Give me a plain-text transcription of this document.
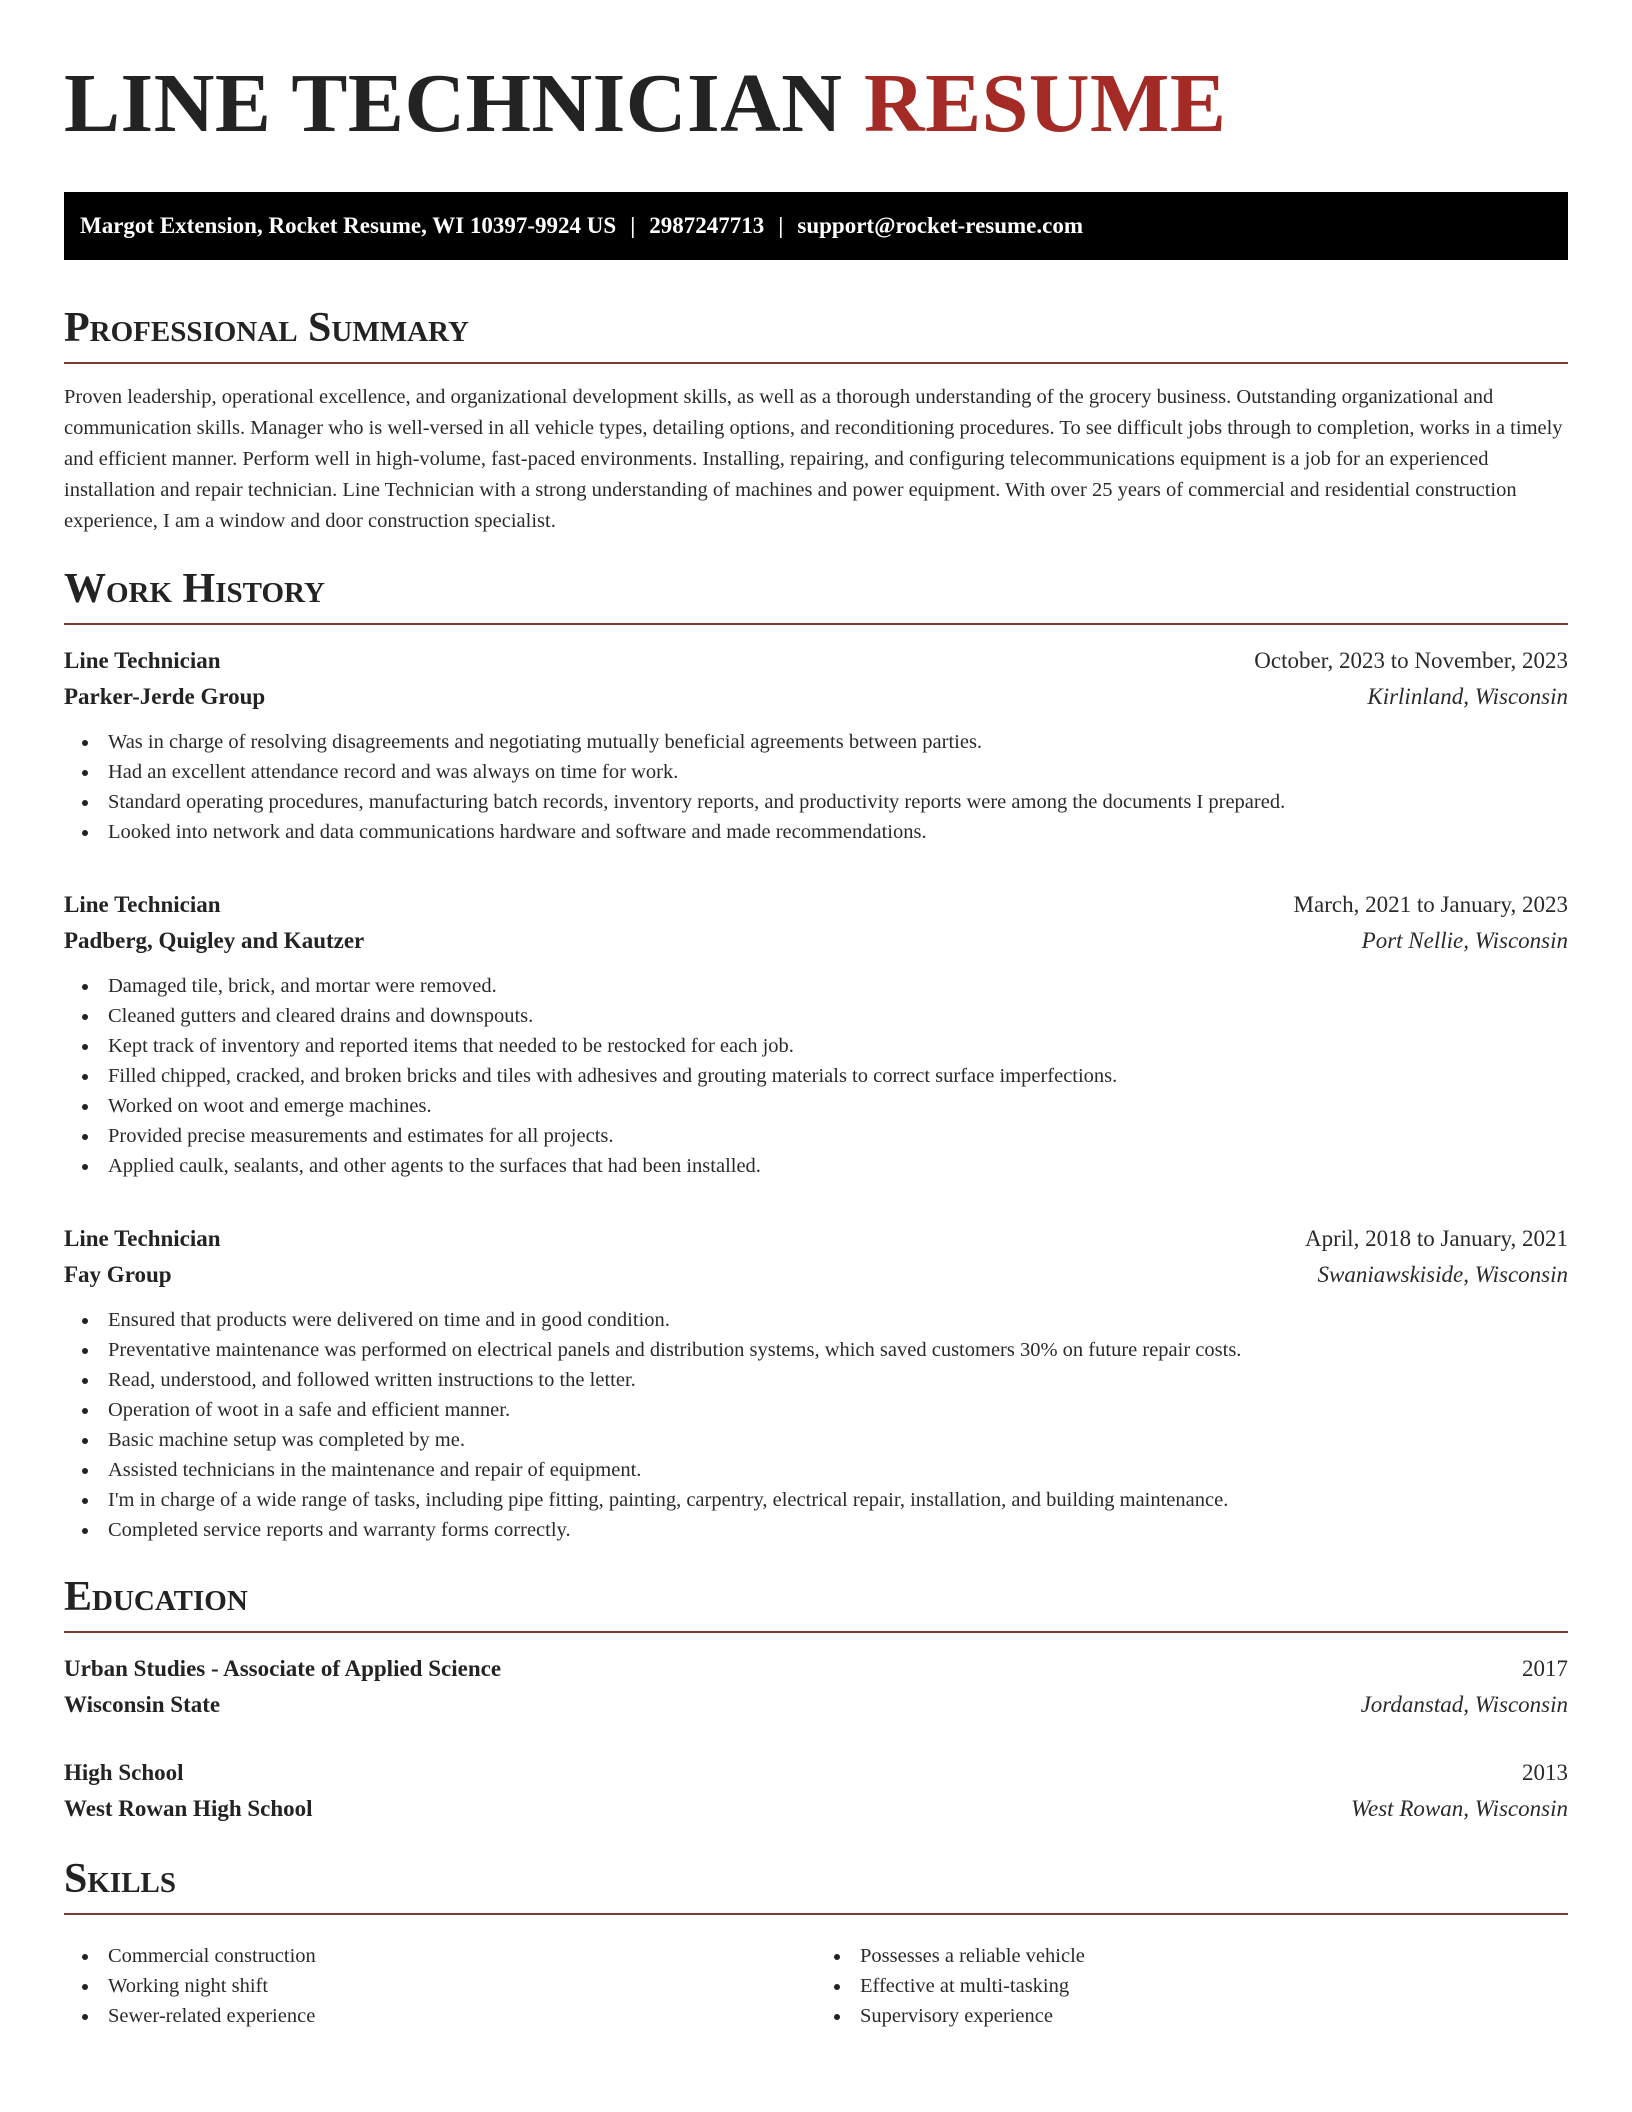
LINE TECHNICIAN RESUME
Margot Extension, Rocket Resume, WI 10397-9924 US | 2987247713 | support@rocket-resume.com
Professional Summary

Proven leadership, operational excellence, and organizational development skills, as well as a thorough understanding of the grocery business. Outstanding organizational and communication skills. Manager who is well-versed in all vehicle types, detailing options, and reconditioning procedures. To see difficult jobs through to completion, works in a timely and efficient manner. Perform well in high-volume, fast-paced environments. Installing, repairing, and configuring telecommunications equipment is a job for an experienced installation and repair technician. Line Technician with a strong understanding of machines and power equipment. With over 25 years of commercial and residential construction experience, I am a window and door construction specialist.

Work History
Line Technician	October, 2023 to November, 2023
Parker-Jerde Group	Kirlinland, Wisconsin
Was in charge of resolving disagreements and negotiating mutually beneficial agreements between parties.
Had an excellent attendance record and was always on time for work.
Standard operating procedures, manufacturing batch records, inventory reports, and productivity reports were among the documents I prepared.
Looked into network and data communications hardware and software and made recommendations.
Line Technician	March, 2021 to January, 2023
Padberg, Quigley and Kautzer	Port Nellie, Wisconsin
Damaged tile, brick, and mortar were removed.
Cleaned gutters and cleared drains and downspouts.
Kept track of inventory and reported items that needed to be restocked for each job.
Filled chipped, cracked, and broken bricks and tiles with adhesives and grouting materials to correct surface imperfections.
Worked on woot and emerge machines.
Provided precise measurements and estimates for all projects.
Applied caulk, sealants, and other agents to the surfaces that had been installed.
Line Technician	April, 2018 to January, 2021
Fay Group	Swaniawskiside, Wisconsin
Ensured that products were delivered on time and in good condition.
Preventative maintenance was performed on electrical panels and distribution systems, which saved customers 30% on future repair costs.
Read, understood, and followed written instructions to the letter.
Operation of woot in a safe and efficient manner.
Basic machine setup was completed by me.
Assisted technicians in the maintenance and repair of equipment.
I'm in charge of a wide range of tasks, including pipe fitting, painting, carpentry, electrical repair, installation, and building maintenance.
Completed service reports and warranty forms correctly.
Education
Urban Studies - Associate of Applied Science	2017
Wisconsin State	Jordanstad, Wisconsin
High School	2013
West Rowan High School	West Rowan, Wisconsin
Skills
Commercial construction
Working night shift
Sewer-related experience
Possesses a reliable vehicle
Effective at multi-tasking
Supervisory experience
